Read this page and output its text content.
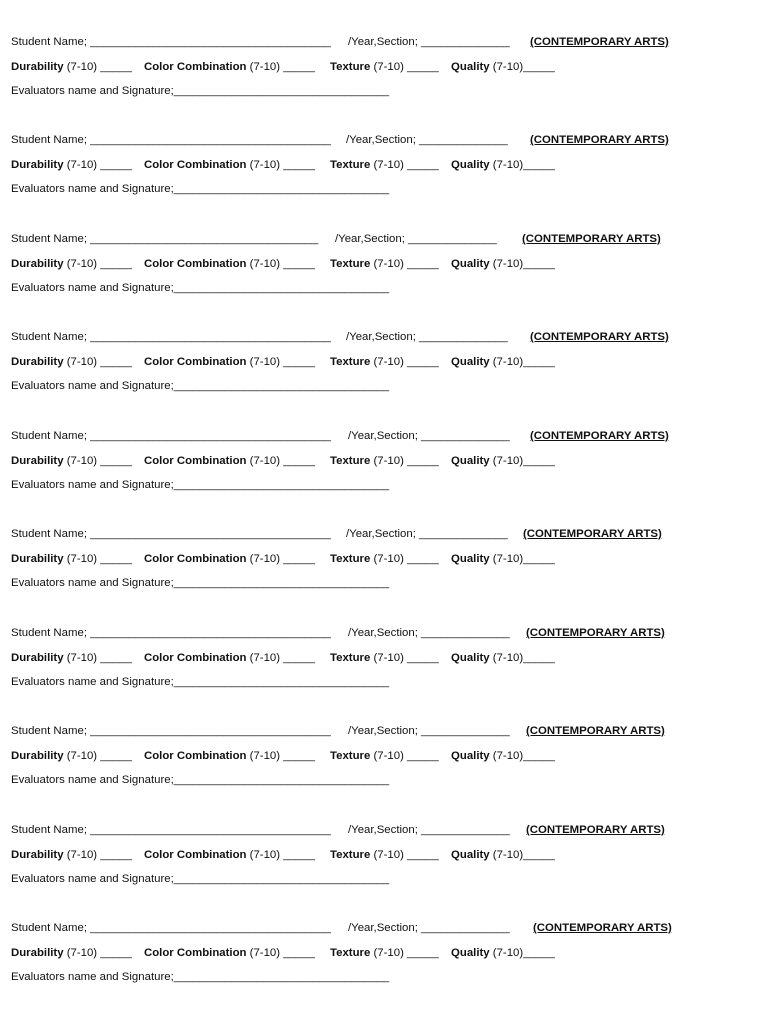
Student Name; ______________________________________ /Year,Section; ______________ (CONTEMPORARY ARTS)
Durability (7-10) _____ Color Combination (7-10) _____ Texture (7-10) _____ Quality (7-10)_____
Evaluators name and Signature;__________________________________
Student Name; ______________________________________ /Year,Section; ______________ (CONTEMPORARY ARTS)
Durability (7-10) _____ Color Combination (7-10) _____ Texture (7-10) _____ Quality (7-10)_____
Evaluators name and Signature;__________________________________
Student Name; ____________________________________ /Year,Section; ______________ (CONTEMPORARY ARTS)
Durability (7-10) _____ Color Combination (7-10) _____ Texture (7-10) _____ Quality (7-10)_____
Evaluators name and Signature;__________________________________
Student Name; ______________________________________ /Year,Section; ______________ (CONTEMPORARY ARTS)
Durability (7-10) _____ Color Combination (7-10) _____ Texture (7-10) _____ Quality (7-10)_____
Evaluators name and Signature;__________________________________
Student Name; ______________________________________ /Year,Section; ______________ (CONTEMPORARY ARTS)
Durability (7-10) _____ Color Combination (7-10) _____ Texture (7-10) _____ Quality (7-10)_____
Evaluators name and Signature;__________________________________
Student Name; ______________________________________ /Year,Section; ______________ (CONTEMPORARY ARTS)
Durability (7-10) _____ Color Combination (7-10) _____ Texture (7-10) _____ Quality (7-10)_____
Evaluators name and Signature;__________________________________
Student Name; ______________________________________ /Year,Section; ______________ (CONTEMPORARY ARTS)
Durability (7-10) _____ Color Combination (7-10) _____ Texture (7-10) _____ Quality (7-10)_____
Evaluators name and Signature;__________________________________
Student Name; ______________________________________ /Year,Section; ______________ (CONTEMPORARY ARTS)
Durability (7-10) _____ Color Combination (7-10) _____ Texture (7-10) _____ Quality (7-10)_____
Evaluators name and Signature;__________________________________
Student Name; ______________________________________ /Year,Section; ______________ (CONTEMPORARY ARTS)
Durability (7-10) _____ Color Combination (7-10) _____ Texture (7-10) _____ Quality (7-10)_____
Evaluators name and Signature;__________________________________
Student Name; ______________________________________ /Year,Section; ______________ (CONTEMPORARY ARTS)
Durability (7-10) _____ Color Combination (7-10) _____ Texture (7-10) _____ Quality (7-10)_____
Evaluators name and Signature;__________________________________
